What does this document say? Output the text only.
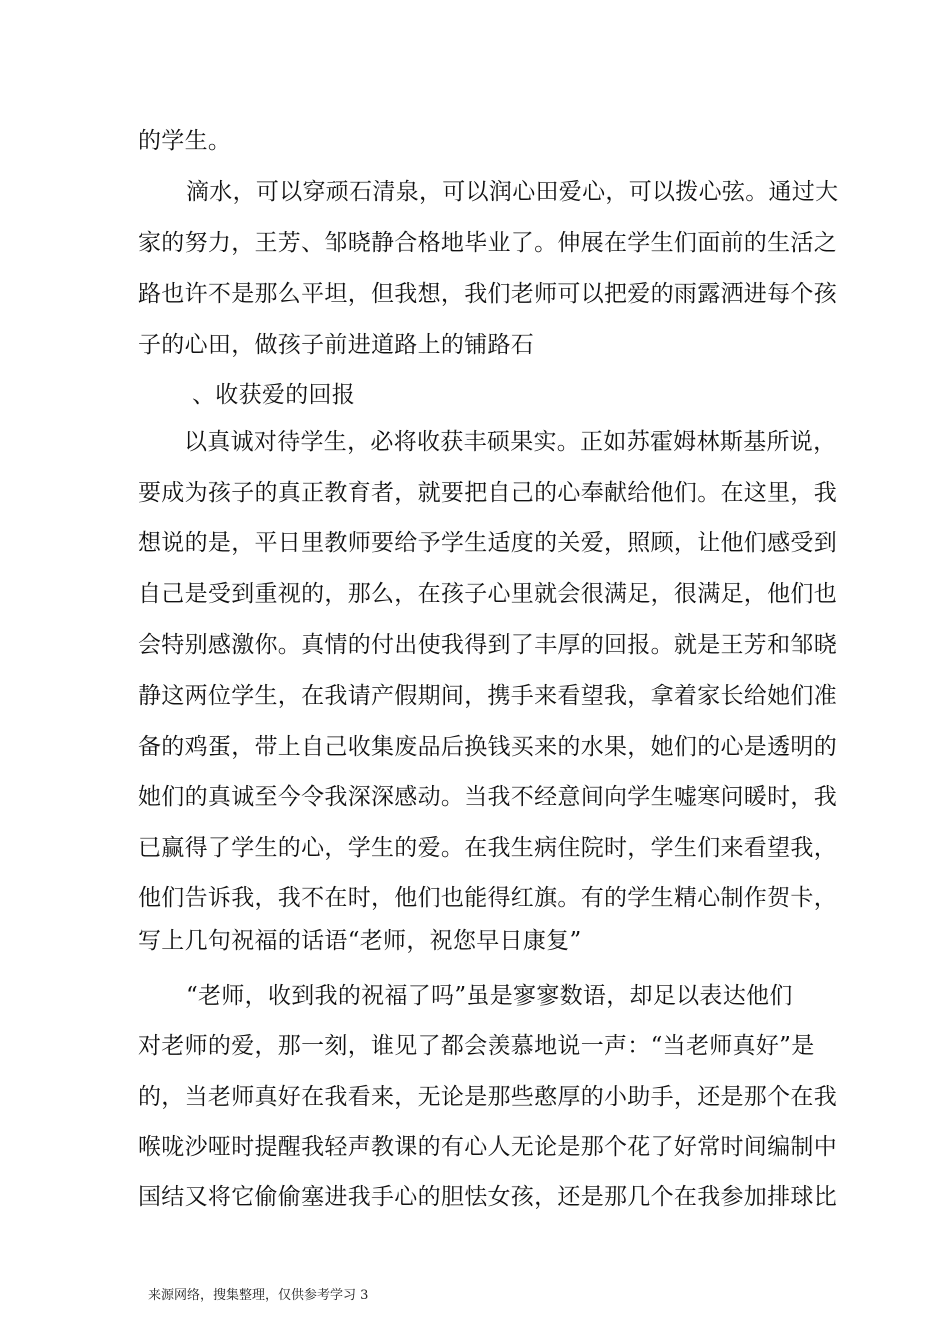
的学生。
滴水，可以穿顽石清泉，可以润心田爱心，可以拨心弦。通过大
家的努力，王芳、邹晓静合格地毕业了。伸展在学生们面前的生活之
路也许不是那么平坦，但我想，我们老师可以把爱的雨露洒进每个孩
子的心田，做孩子前进道路上的铺路石
、收获爱的回报
以真诚对待学生，必将收获丰硕果实。正如苏霍姆林斯基所说，
要成为孩子的真正教育者，就要把自己的心奉献给他们。在这里，我
想说的是，平日里教师要给予学生适度的关爱，照顾，让他们感受到
自己是受到重视的，那么，在孩子心里就会很满足，很满足，他们也
会特别感激你。真情的付出使我得到了丰厚的回报。就是王芳和邹晓
静这两位学生，在我请产假期间，携手来看望我，拿着家长给她们准
备的鸡蛋，带上自己收集废品后换钱买来的水果，她们的心是透明的
她们的真诚至今令我深深感动。当我不经意间向学生嘘寒问暖时，我
已赢得了学生的心，学生的爱。在我生病住院时，学生们来看望我，
他们告诉我，我不在时，他们也能得红旗。有的学生精心制作贺卡，
写上几句祝福的话语“老师，祝您早日康复”
“老师，收到我的祝福了吗”虽是寥寥数语，却足以表达他们
对老师的爱，那一刻，谁见了都会羡慕地说一声：“当老师真好”是
的，当老师真好在我看来，无论是那些憨厚的小助手，还是那个在我
喉咙沙哑时提醒我轻声教课的有心人无论是那个花了好常时间编制中
国结又将它偷偷塞进我手心的胆怯女孩，还是那几个在我参加排球比
来源网络，搜集整理，仅供参考学习 3
